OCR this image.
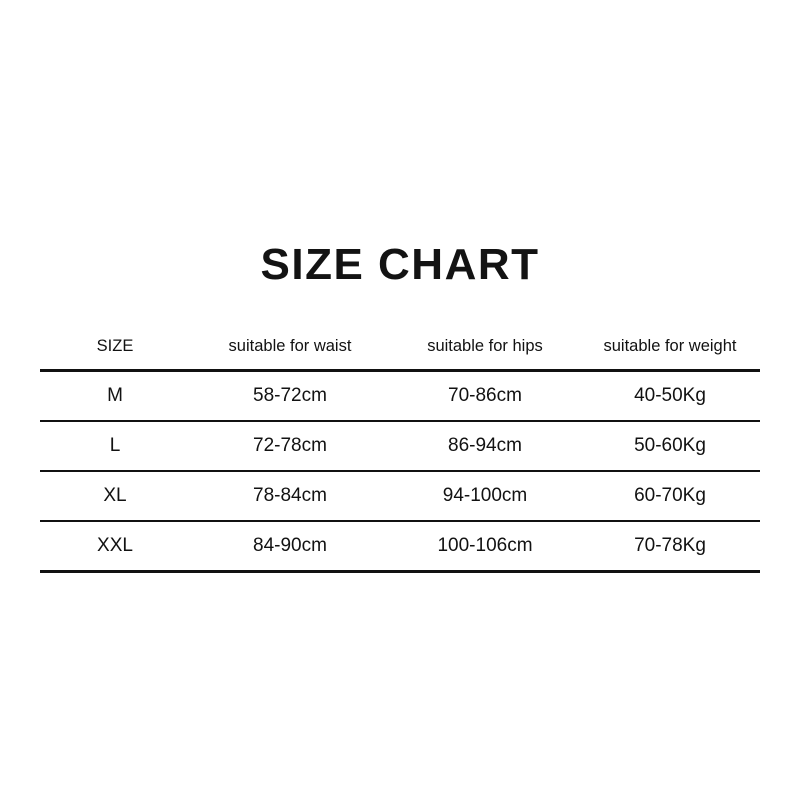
SIZE CHART
SIZE	suitable for waist	suitable for hips	suitable for weight

M	58-72cm	70-86cm	40-50Kg

L	72-78cm	86-94cm	50-60Kg

XL	78-84cm	94-100cm	60-70Kg

XXL	84-90cm	100-106cm	70-78Kg
